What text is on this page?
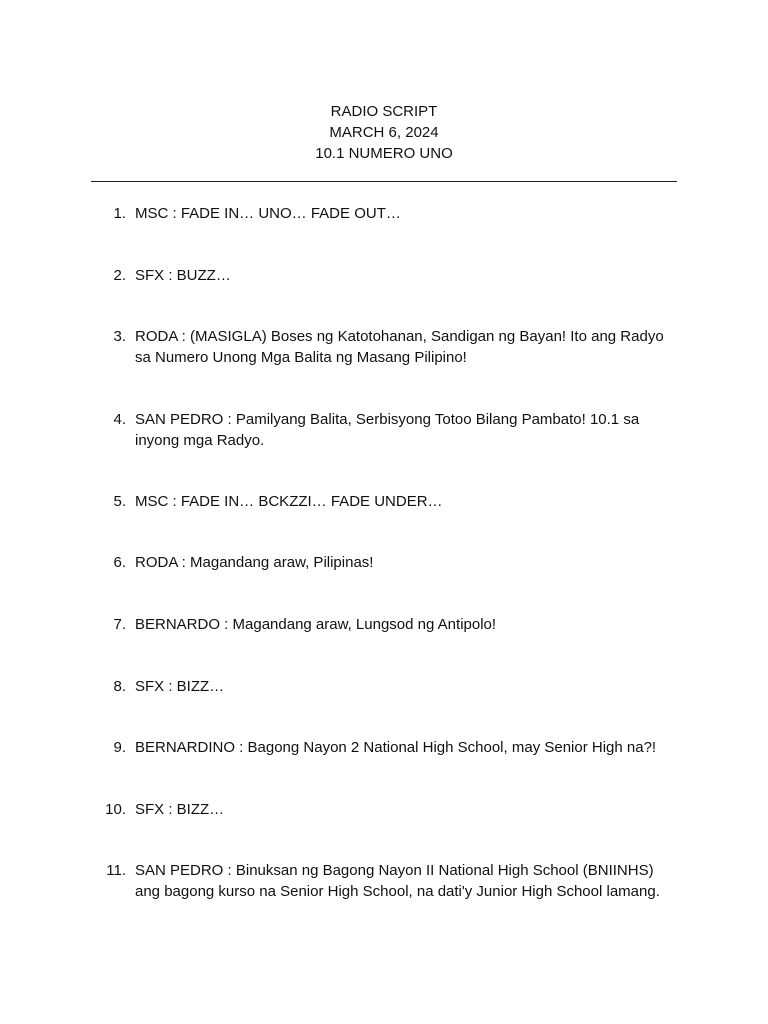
RADIO SCRIPT
MARCH 6, 2024
10.1 NUMERO UNO
1. MSC : FADE IN… UNO… FADE OUT…
2. SFX : BUZZ…
3. RODA : (MASIGLA) Boses ng Katotohanan, Sandigan ng Bayan! Ito ang Radyo sa Numero Unong Mga Balita ng Masang Pilipino!
4. SAN PEDRO : Pamilyang Balita, Serbisyong Totoo Bilang Pambato! 10.1 sa inyong mga Radyo.
5. MSC : FADE IN… BCKZZI… FADE UNDER…
6. RODA : Magandang araw, Pilipinas!
7. BERNARDO : Magandang araw, Lungsod ng Antipolo!
8. SFX : BIZZ…
9. BERNARDINO : Bagong Nayon 2 National High School, may Senior High na?!
10. SFX : BIZZ…
11. SAN PEDRO : Binuksan ng Bagong Nayon II National High School (BNIINHS) ang bagong kurso na Senior High School, na dati'y Junior High School lamang.
